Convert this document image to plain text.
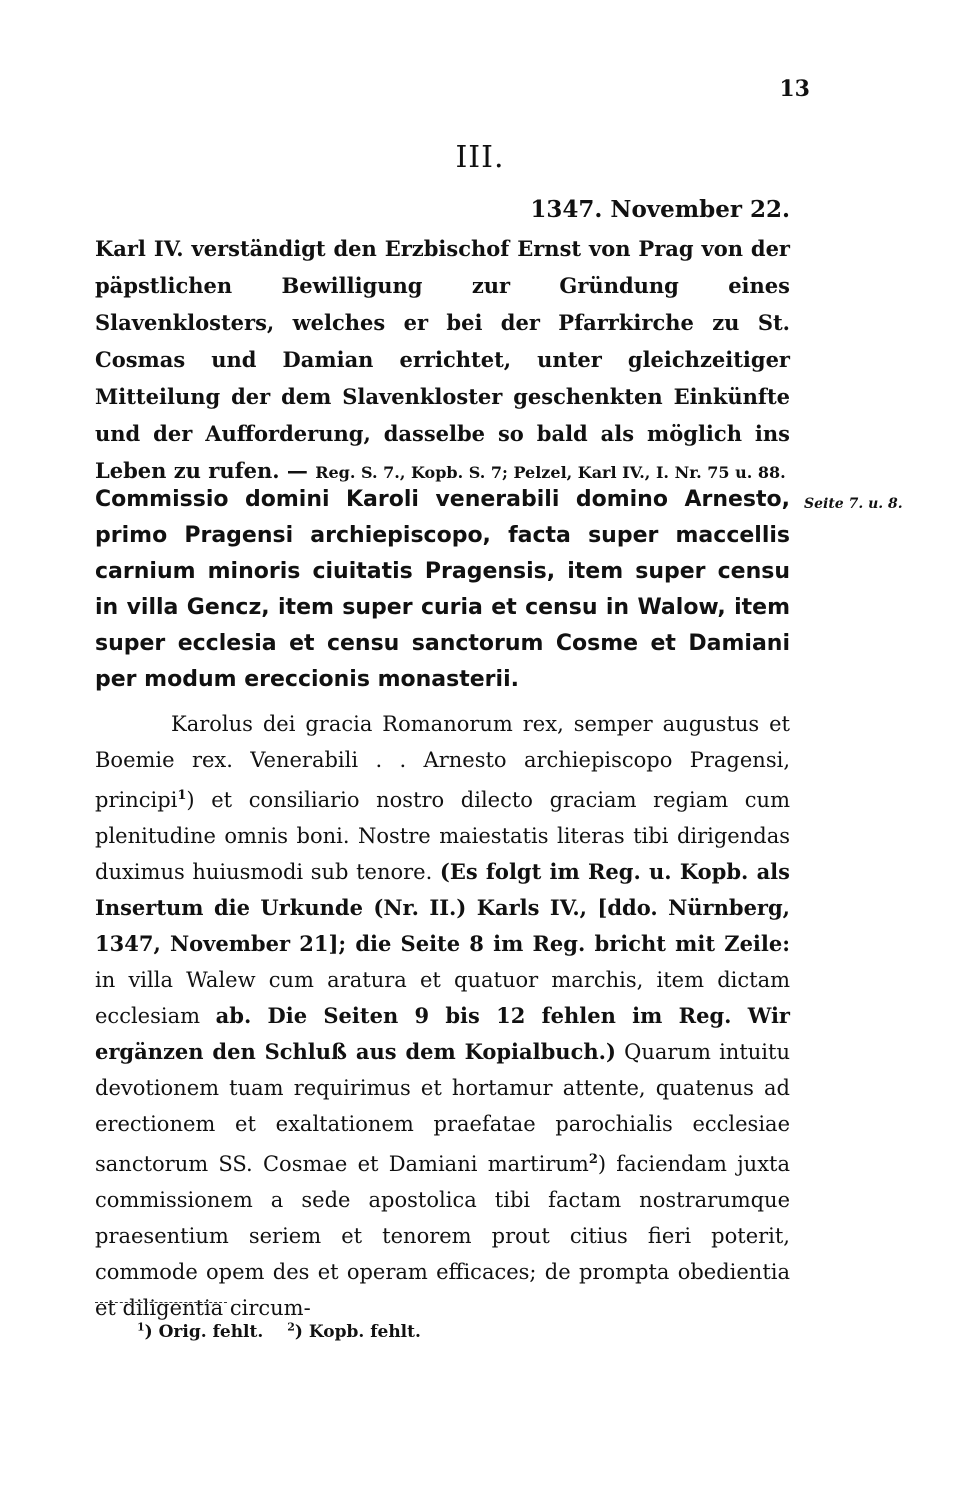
13
III.
1347. November 22.
Karl IV. verständigt den Erzbischof Ernst von Prag von der päpstlichen Bewilligung zur Gründung eines Slavenklosters, welches er bei der Pfarrkirche zu St. Cosmas und Damian errichtet, unter gleichzeitiger Mitteilung der dem Slavenkloster geschenkten Einkünfte und der Aufforderung, dasselbe so bald als möglich ins Leben zu rufen. — Reg. S. 7., Kopb. S. 7; Pelzel, Karl IV., I. Nr. 75 u. 88.
Commissio domini Karoli venerabili domino Arnesto, primo Pragensi archiepiscopo, facta super maccellis carnium minoris ciuitatis Pragensis, item super censu in villa Gencz, item super curia et censu in Walow, item super ecclesia et censu sanctorum Cosme et Damiani per modum ereccionis monasterii.
Seite 7. u. 8.
Karolus dei gracia Romanorum rex, semper augustus et Boemie rex. Venerabili . . Arnesto archiepiscopo Pragensi, principi$^1$) et consiliario nostro dilecto graciam regiam cum plenitudine omnis boni. Nostre maiestatis literas tibi dirigendas duximus huiusmodi sub tenore. (Es folgt im Reg. u. Kopb. als Insertum die Urkunde (Nr. II.) Karls IV., [ddo. Nürnberg, 1347, November 21]; die Seite 8 im Reg. bricht mit Zeile: in villa Walew cum aratura et quatuor marchis, item dictam ecclesiam ab. Die Seiten 9 bis 12 fehlen im Reg. Wir ergänzen den Schluß aus dem Kopialbuch.) Quarum intuitu devotionem tuam requirimus et hortamur attente, quatenus ad erectionem et exaltationem praefatae parochialis ecclesiae sanctorum SS. Cosmae et Damiani martirum$^2$) faciendam juxta commissionem a sede apostolica tibi factam nostrarumque praesentium seriem et tenorem prout citius fieri poterit, commode opem des et operam efficaces; de prompta obedientia et diligentia circum-
$^1$) Orig. fehlt. $^2$) Kopb. fehlt.
